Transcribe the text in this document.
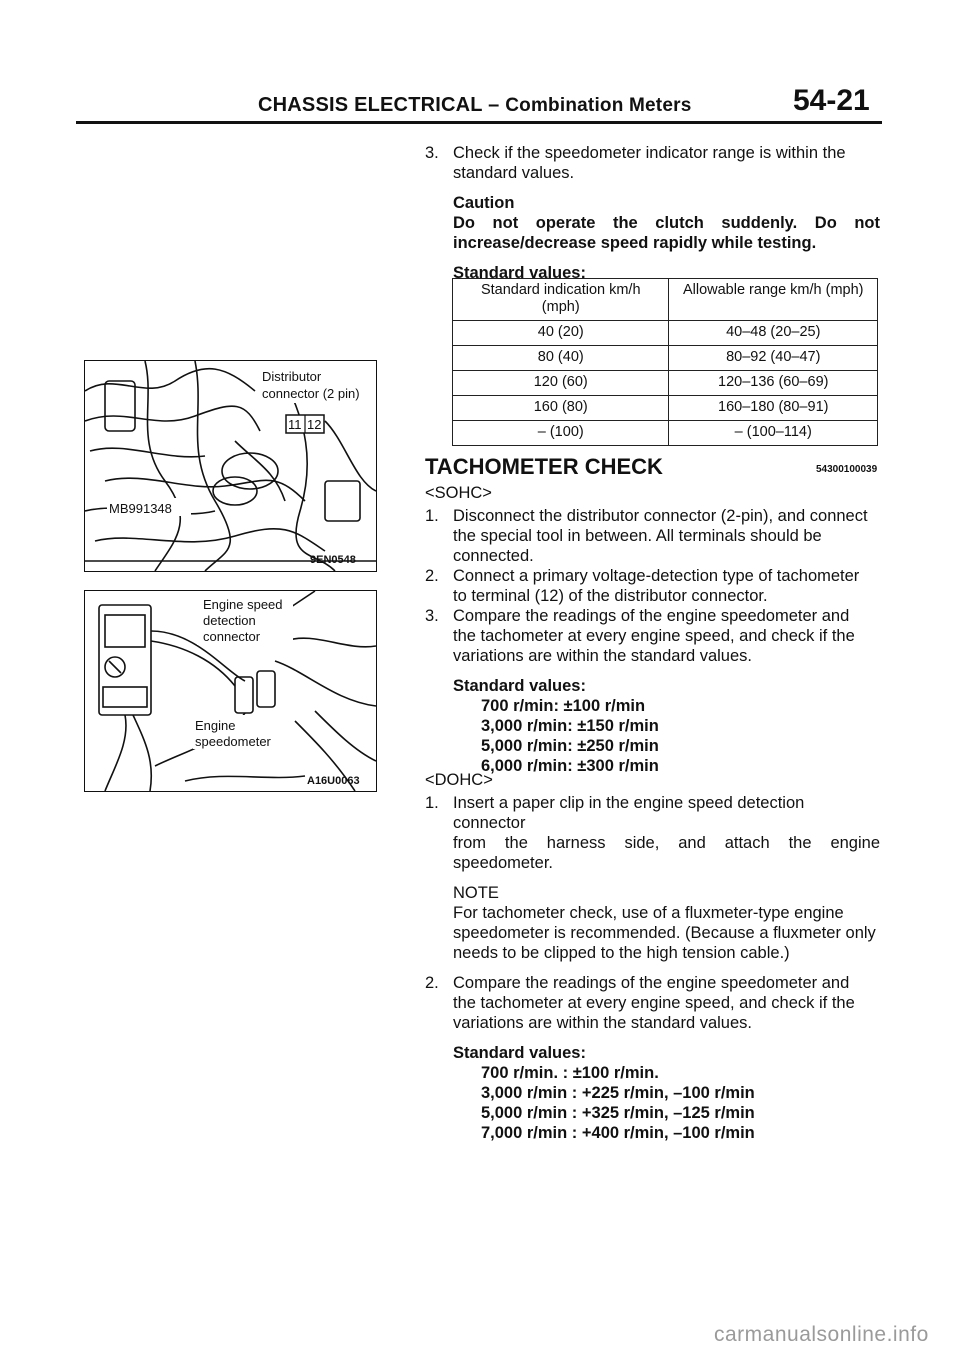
CHASSIS ELECTRICAL – Combination Meters	54-21
3. Check if the speedometer indicator range is within the
standard values.
Caution
Do not operate the clutch suddenly. Do not
increase/decrease speed rapidly while testing.
Standard values:
Standard indication km/h
(mph)	Allowable range km/h (mph)
40 (20)	40–48 (20–25)
80 (40)	80–92 (40–47)
120 (60)	120–136 (60–69)
160 (80)	160–180 (80–91)
– (100)	– (100–114)
TACHOMETER CHECK	54300100039
<SOHC>
1. Disconnect the distributor connector (2-pin), and connect
the special tool in between. All terminals should be
connected.
2. Connect a primary voltage-detection type of tachometer
to terminal (12) of the distributor connector.
3. Compare the readings of the engine speedometer and
the tachometer at every engine speed, and check if the
variations are within the standard values.
Standard values:
700 r/min: ±100 r/min
3,000 r/min: ±150 r/min
5,000 r/min: ±250 r/min
6,000 r/min: ±300 r/min
<DOHC>
1. Insert a paper clip in the engine speed detection connector
from the harness side, and attach the engine
speedometer.
NOTE
For tachometer check, use of a fluxmeter-type engine
speedometer is recommended. (Because a fluxmeter only
needs to be clipped to the high tension cable.)
2. Compare the readings of the engine speedometer and
the tachometer at every engine speed, and check if the
variations are within the standard values.
Standard values:
700 r/min. : ±100 r/min.
3,000 r/min : +225 r/min, –100 r/min
5,000 r/min : +325 r/min, –125 r/min
7,000 r/min : +400 r/min, –100 r/min
Distributor
connector (2 pin)
11 12
MB991348
9EN0548
Engine speed
detection
connector
Engine
speedometer
A16U0063
carmanualsonline.info
